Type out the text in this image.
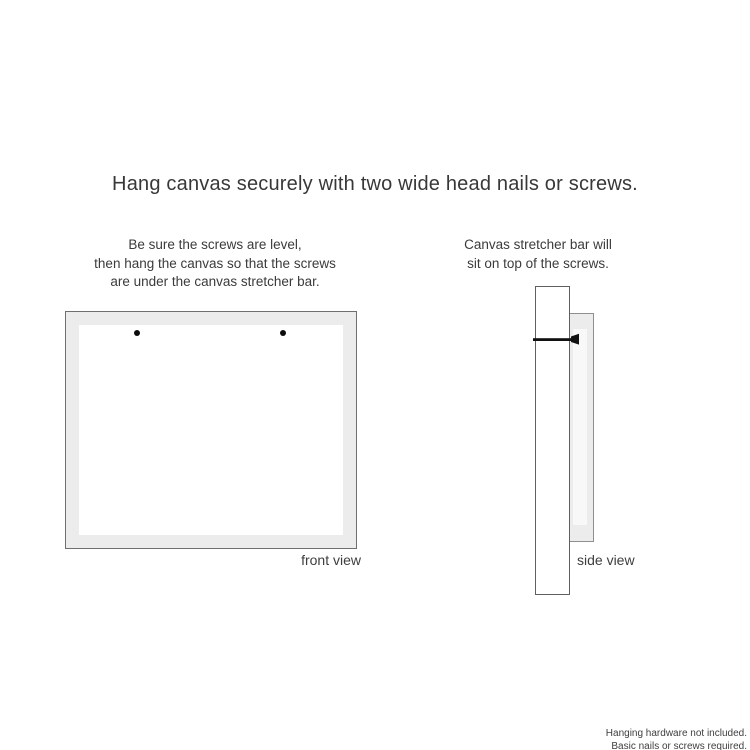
Hang canvas securely with two wide head nails or screws.
Be sure the screws are level,
then hang the canvas so that the screws
are under the canvas stretcher bar.
Canvas stretcher bar will
sit on top of the screws.
front view	side view
Hanging hardware not included.
Basic nails or screws required.
